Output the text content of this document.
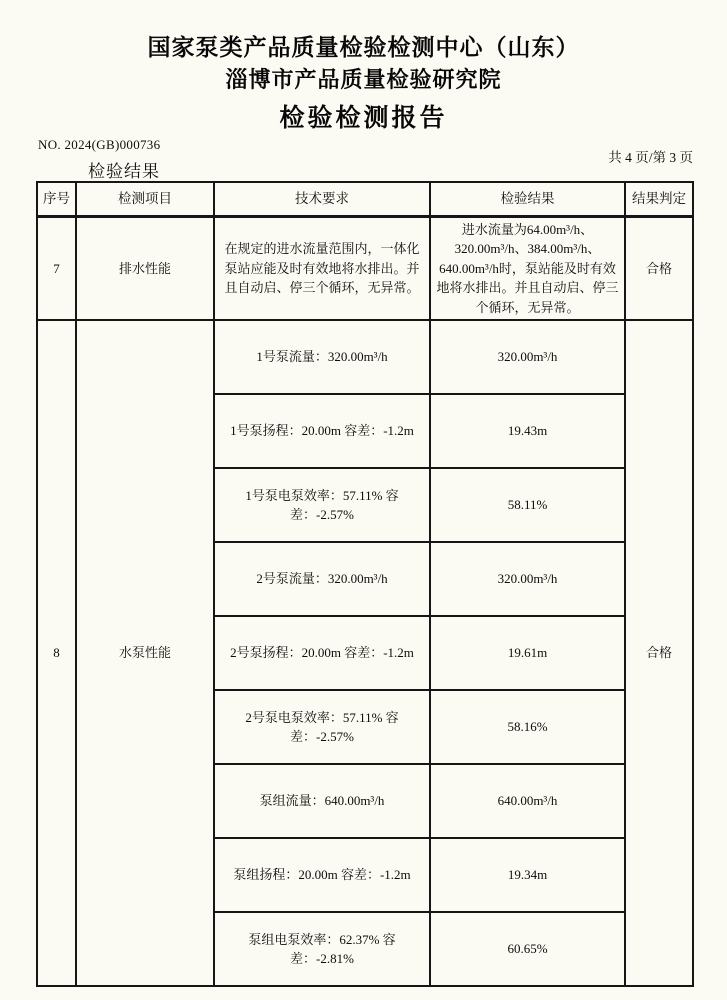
国家泵类产品质量检验检测中心（山东）
淄博市产品质量检验研究院
检验检测报告
NO. 2024(GB)000736
共 4 页/第 3 页
检验结果
序号	检测项目	技术要求	检验结果	结果判定
7	排水性能	在规定的进水流量范围内，一体化泵站应能及时有效地将水排出。并且自动启、停三个循环，无异常。	进水流量为64.00m³/h、320.00m³/h、384.00m³/h、640.00m³/h时，泵站能及时有效地将水排出。并且自动启、停三个循环，无异常。	合格
8	水泵性能	1号泵流量：320.00m³/h	320.00m³/h	合格
		1号泵扬程：20.00m 容差：-1.2m	19.43m	
		1号泵电泵效率：57.11% 容差：-2.57%	58.11%	
		2号泵流量：320.00m³/h	320.00m³/h	
		2号泵扬程：20.00m 容差：-1.2m	19.61m	
		2号泵电泵效率：57.11% 容差：-2.57%	58.16%	
		泵组流量：640.00m³/h	640.00m³/h	
		泵组扬程：20.00m 容差：-1.2m	19.34m	
		泵组电泵效率：62.37% 容差：-2.81%	60.65%	
